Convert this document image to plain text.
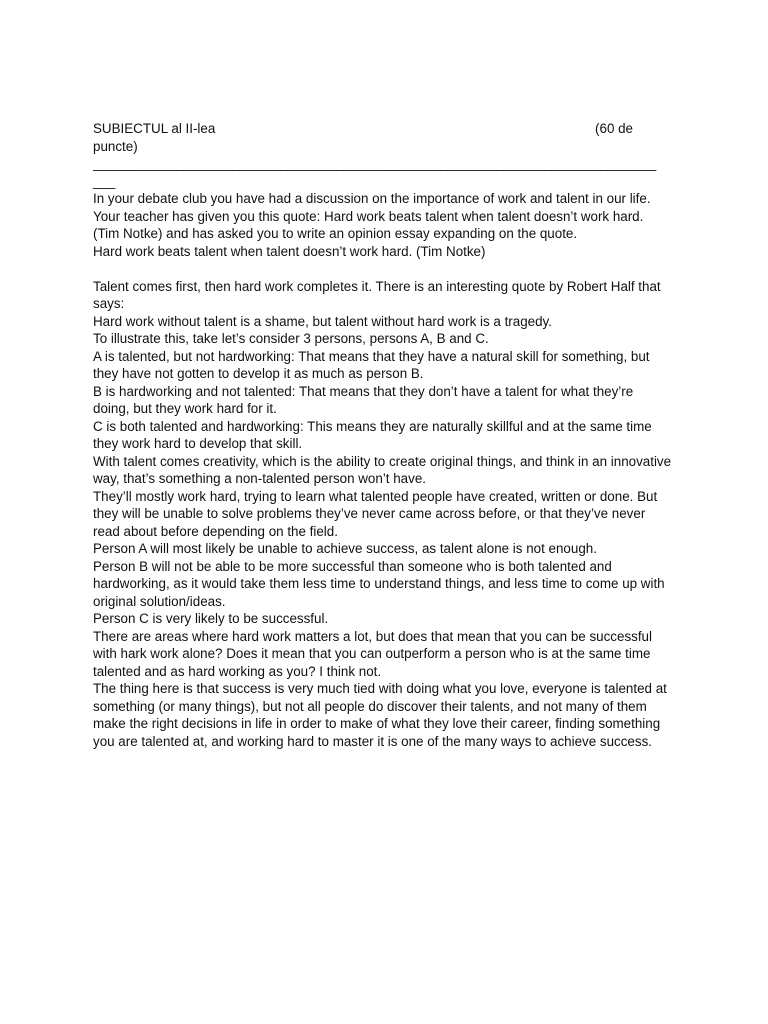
SUBIECTUL al II-lea	(60 de

puncte)

_________________________________________________________________________________

___

In your debate club you have had a discussion on the importance of work and talent in our life.

Your teacher has given you this quote: Hard work beats talent when talent doesn’t work hard.

(Tim Notke) and has asked you to write an opinion essay expanding on the quote.

Hard work beats talent when talent doesn’t work hard. (Tim Notke)

Talent comes first, then hard work completes it. There is an interesting quote by Robert Half that says:

Hard work without talent is a shame, but talent without hard work is a tragedy.

To illustrate this, take let’s consider 3 persons, persons A, B and C.

A is talented, but not hardworking: That means that they have a natural skill for something, but they have not gotten to develop it as much as person B.

B is hardworking and not talented: That means that they don’t have a talent for what they’re doing, but they work hard for it.

C is both talented and hardworking: This means they are naturally skillful and at the same time they work hard to develop that skill.

With talent comes creativity, which is the ability to create original things, and think in an innovative way, that’s something a non-talented person won’t have.

They’ll mostly work hard, trying to learn what talented people have created, written or done. But they will be unable to solve problems they’ve never came across before, or that they’ve never read about before depending on the field.

Person A will most likely be unable to achieve success, as talent alone is not enough.

Person B will not be able to be more successful than someone who is both talented and hardworking, as it would take them less time to understand things, and less time to come up with original solution/ideas.

Person C is very likely to be successful.

There are areas where hard work matters a lot, but does that mean that you can be successful with hark work alone? Does it mean that you can outperform a person who is at the same time talented and as hard working as you? I think not.

The thing here is that success is very much tied with doing what you love, everyone is talented at something (or many things), but not all people do discover their talents, and not many of them make the right decisions in life in order to make of what they love their career, finding something you are talented at, and working hard to master it is one of the many ways to achieve success.
